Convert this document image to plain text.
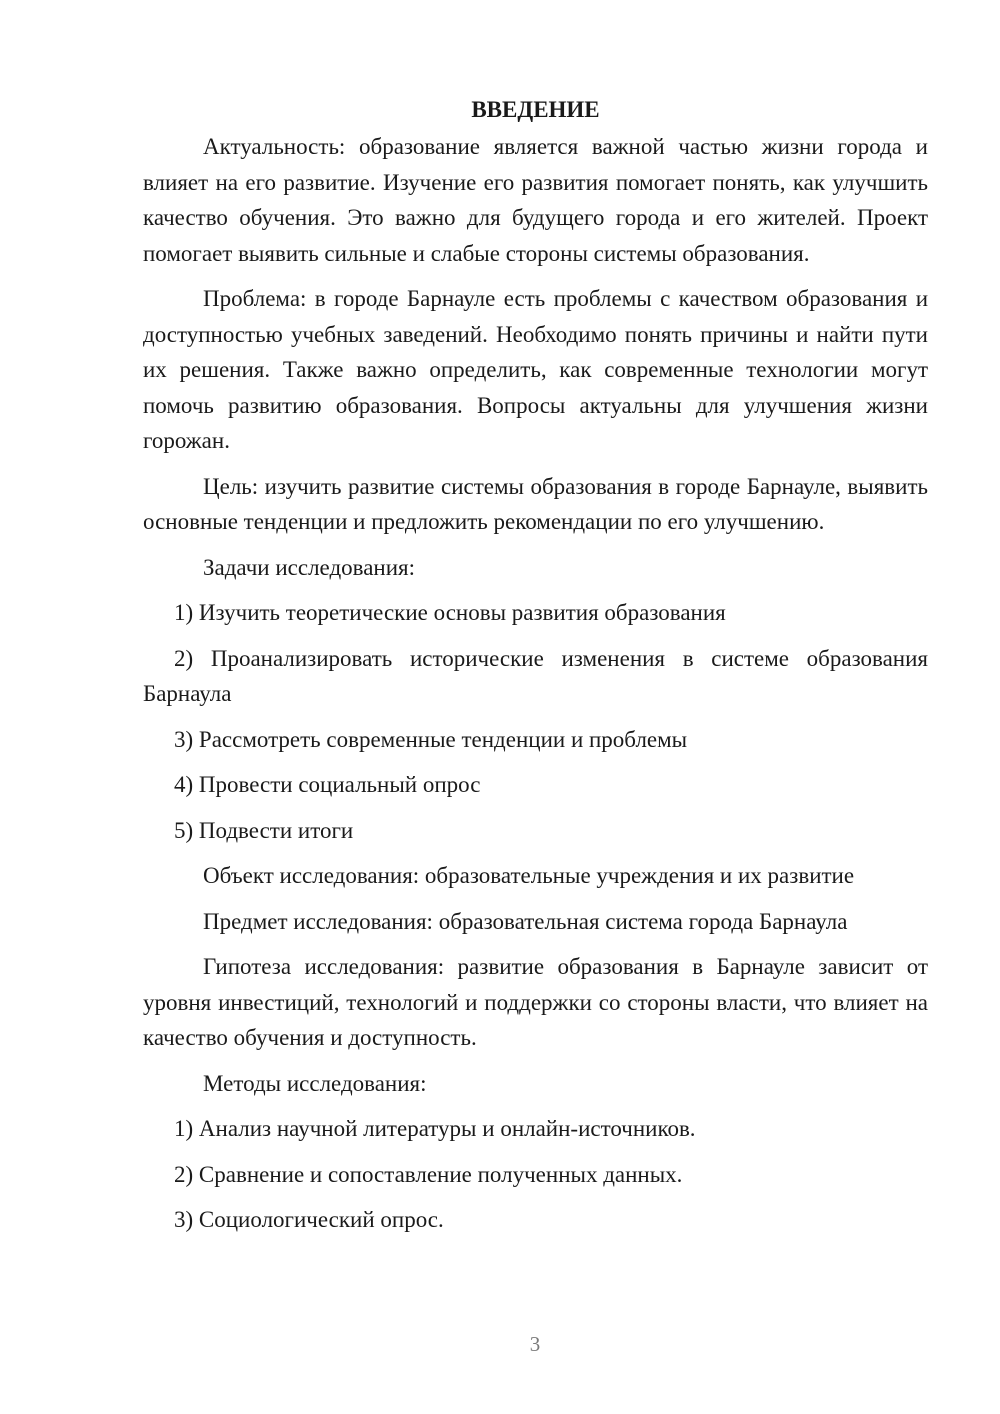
ВВЕДЕНИЕ

Актуальность: образование является важной частью жизни города и влияет на его развитие. Изучение его развития помогает понять, как улучшить качество обучения. Это важно для будущего города и его жителей. Проект помогает выявить сильные и слабые стороны системы образования.

Проблема: в городе Барнауле есть проблемы с качеством образования и доступностью учебных заведений. Необходимо понять причины и найти пути их решения. Также важно определить, как современные технологии могут помочь развитию образования. Вопросы актуальны для улучшения жизни горожан.

Цель: изучить развитие системы образования в городе Барнауле, выявить основные тенденции и предложить рекомендации по его улучшению.

Задачи исследования:
1) Изучить теоретические основы развития образования
2) Проанализировать исторические изменения в системе образования Барнаула
3) Рассмотреть современные тенденции и проблемы
4) Провести социальный опрос
5) Подвести итоги
Объект исследования: образовательные учреждения и их развитие
Предмет исследования: образовательная система города Барнаула

Гипотеза исследования: развитие образования в Барнауле зависит от уровня инвестиций, технологий и поддержки со стороны власти, что влияет на качество обучения и доступность.

Методы исследования:
1) Анализ научной литературы и онлайн-источников.
2) Сравнение и сопоставление полученных данных.
3) Социологический опрос.
3
